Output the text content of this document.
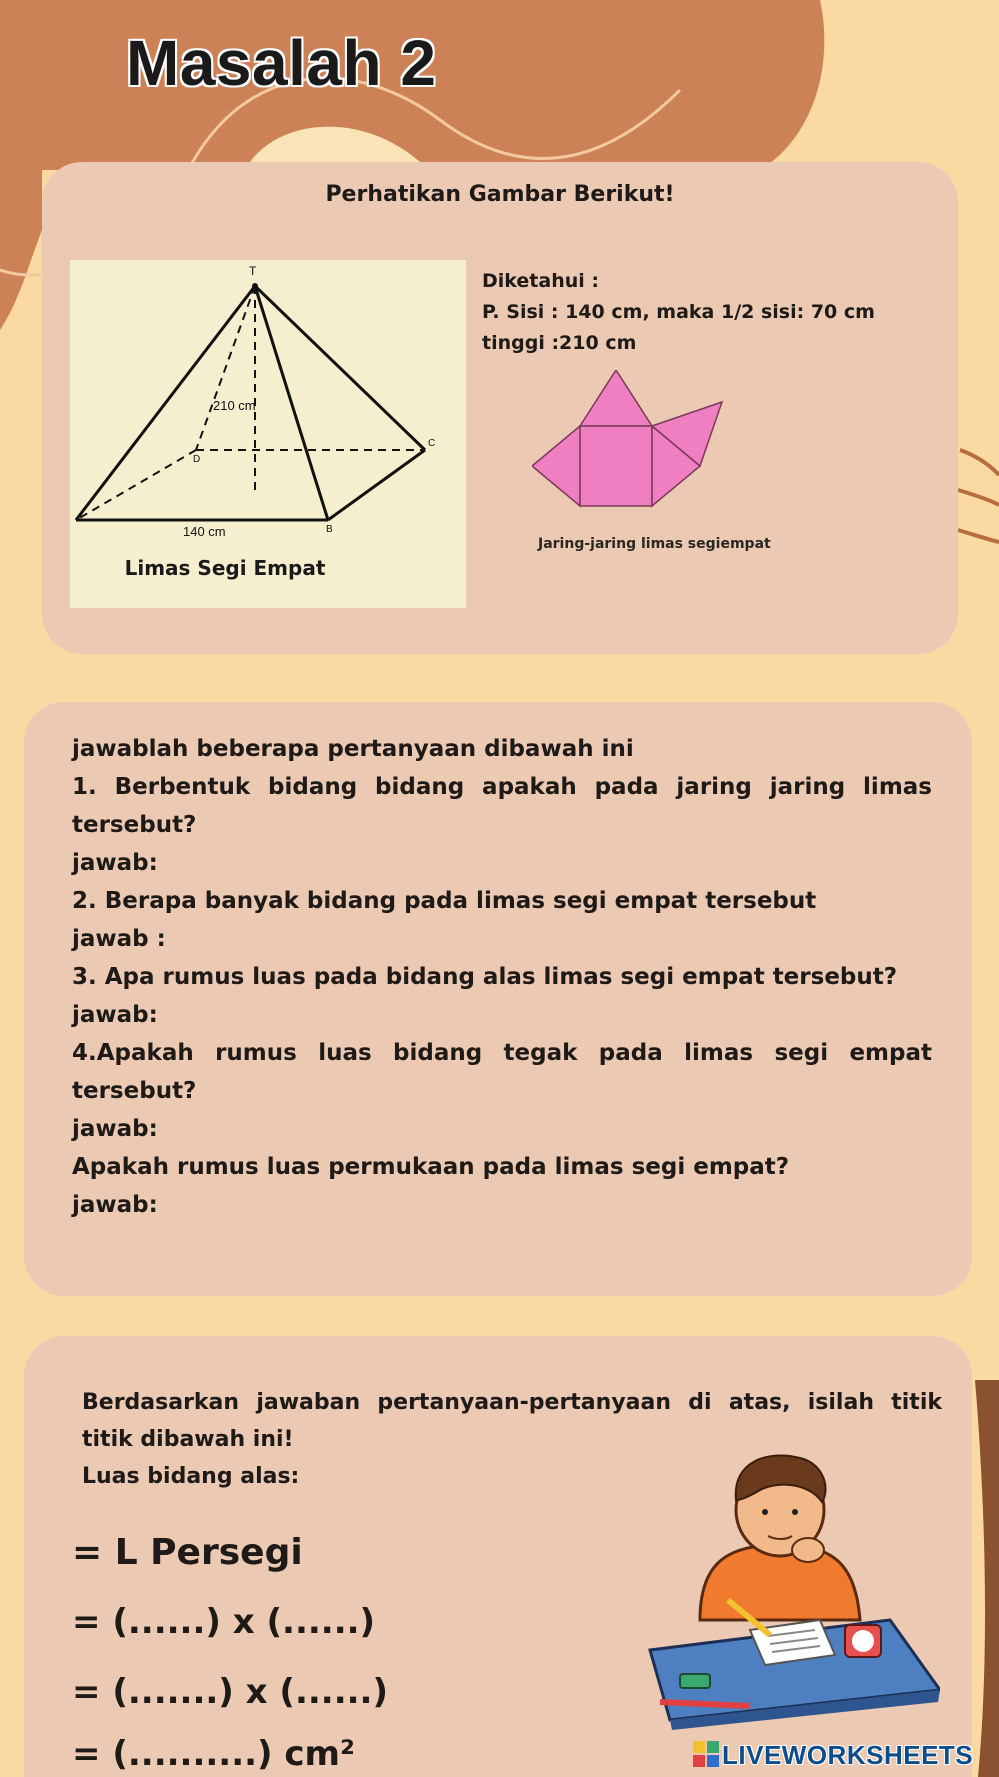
Masalah 2
Perhatikan Gambar Berikut!
T
210 cm
D
C
B
140 cm
Limas Segi Empat
Diketahui :
P. Sisi : 140 cm, maka 1/2 sisi: 70 cm
tinggi :210 cm
Jaring-jaring limas segiempat
jawablah beberapa pertanyaan dibawah ini
1. Berbentuk bidang bidang apakah pada jaring jaring limas tersebut?
jawab:
2. Berapa banyak bidang pada limas segi empat tersebut
jawab :
3. Apa rumus luas pada bidang alas limas segi empat tersebut?
jawab:
4.Apakah rumus luas bidang tegak pada limas segi empat tersebut?
jawab:
Apakah rumus luas permukaan pada limas segi empat?
jawab:
Berdasarkan jawaban pertanyaan-pertanyaan di atas, isilah titik titik dibawah ini!
Luas bidang alas:
= L Persegi
= (......) x (......)
= (.......) x (......)
= (..........) cm²	LIVEWORKSHEETS
